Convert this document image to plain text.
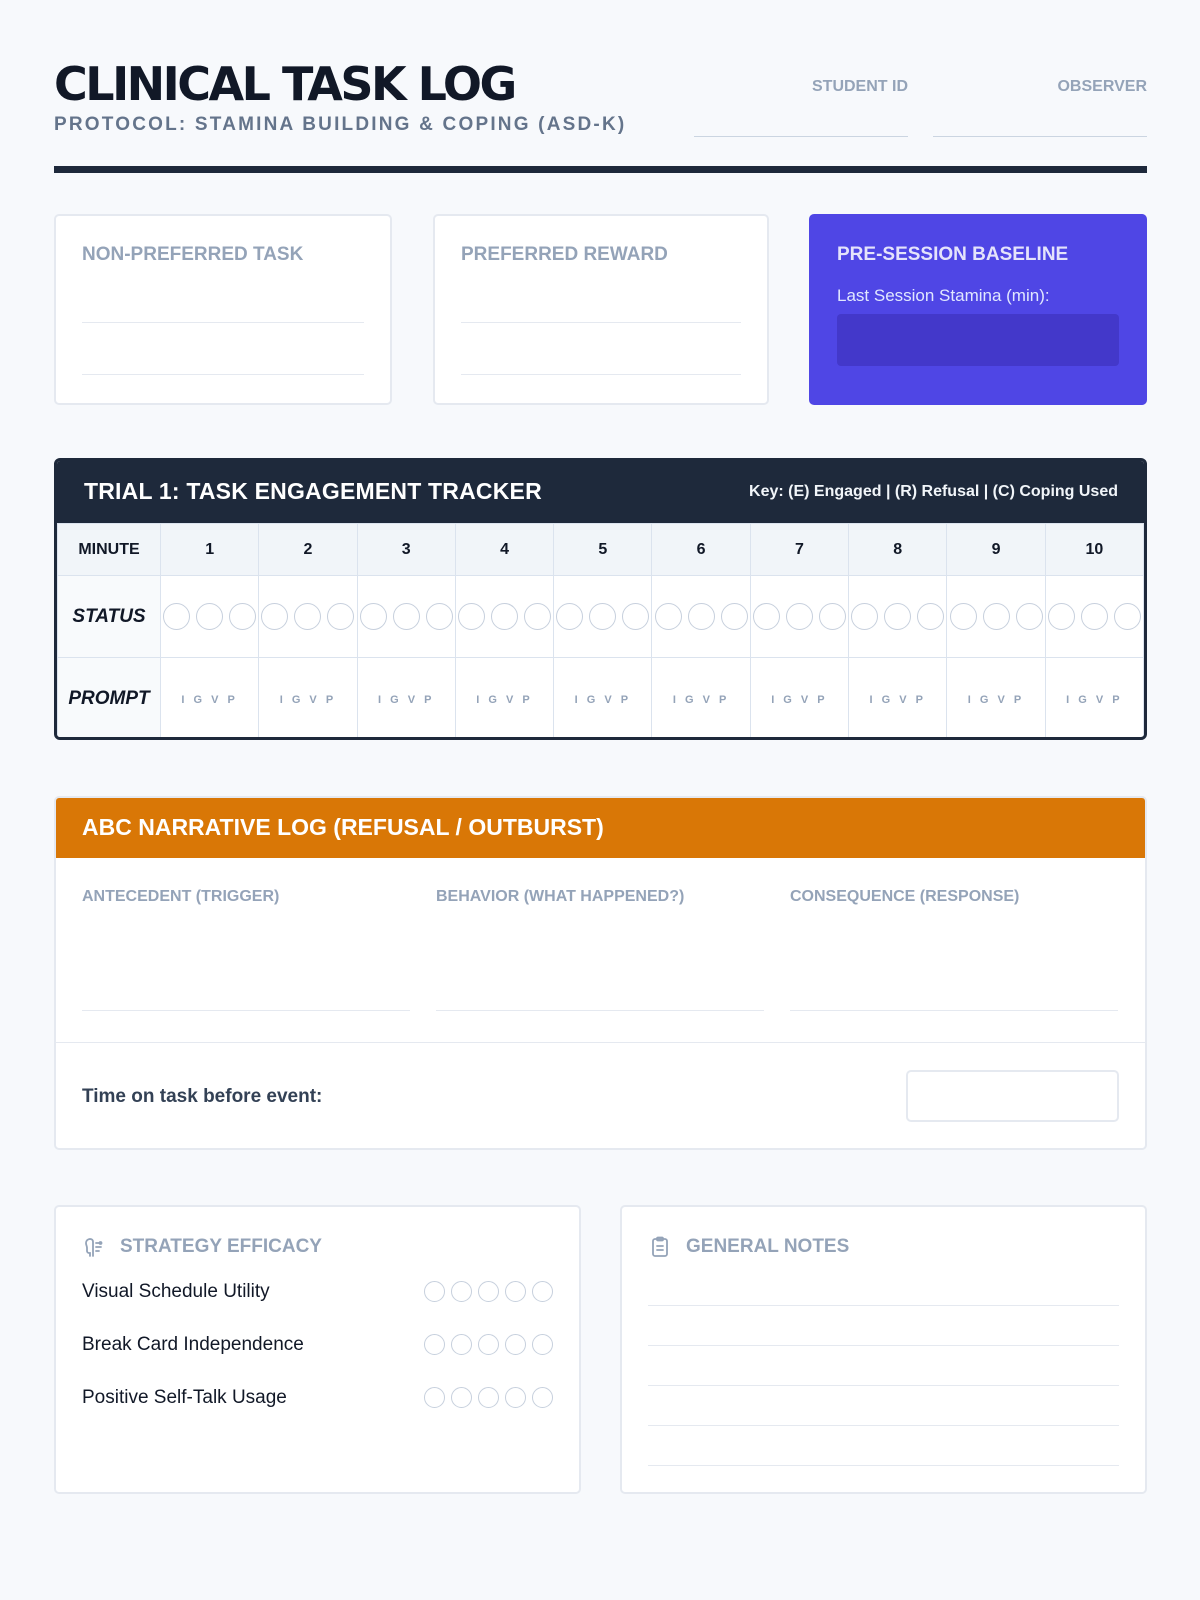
CLINICAL TASK LOG
PROTOCOL: STAMINA BUILDING & COPING (ASD-K)
STUDENT ID	OBSERVER
NON-PREFERRED TASK	PREFERRED REWARD	PRE-SESSION BASELINE
Last Session Stamina (min):
TRIAL 1: TASK ENGAGEMENT TRACKER	Key: (E) Engaged | (R) Refusal | (C) Coping Used
MINUTE	1	2	3	4	5	6	7	8	9	10
STATUS	

PROMPT	I G V P	I G V P	I G V P	I G V P	I G V P	I G V P	I G V P	I G V P	I G V P	I G V P
ABC NARRATIVE LOG (REFUSAL / OUTBURST)
ANTECEDENT (TRIGGER)	BEHAVIOR (WHAT HAPPENED?)	CONSEQUENCE (RESPONSE)
Time on task before event:
STRATEGY EFFICACY
Visual Schedule Utility
Break Card Independence
Positive Self-Talk Usage
GENERAL NOTES
